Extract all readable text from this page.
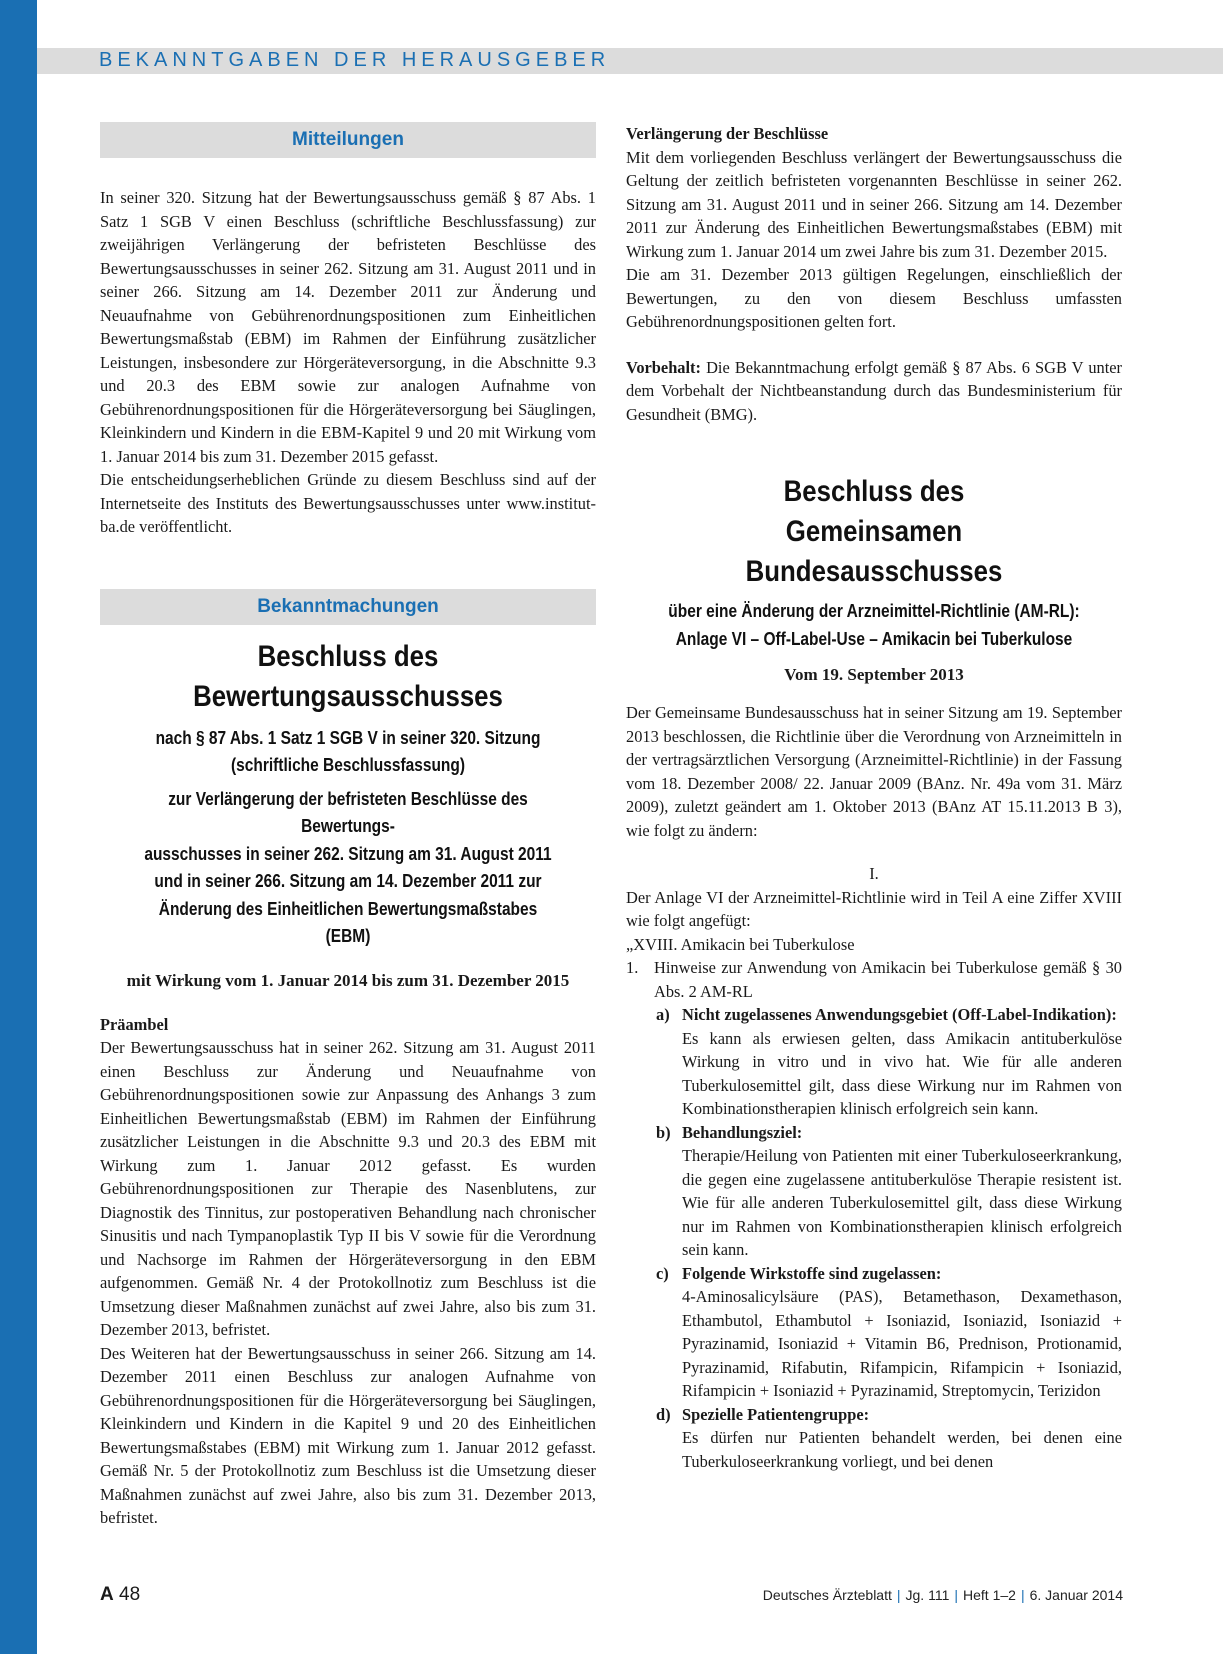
BEKANNTGABEN DER HERAUSGEBER
Mitteilungen

In seiner 320. Sitzung hat der Bewertungsausschuss gemäß § 87 Abs. 1 Satz 1 SGB V einen Beschluss (schriftliche Beschlussfassung) zur zweijährigen Verlängerung der befristeten Beschlüsse des Bewertungsausschusses in seiner 262. Sitzung am 31. August 2011 und in seiner 266. Sitzung am 14. Dezember 2011 zur Änderung und Neuaufnahme von Gebührenordnungspositionen zum Einheitlichen Bewertungsmaßstab (EBM) im Rahmen der Einführung zusätzlicher Leistungen, insbesondere zur Hörgeräteversorgung, in die Abschnitte 9.3 und 20.3 des EBM sowie zur analogen Aufnahme von Gebührenordnungspositionen für die Hörgeräteversorgung bei Säuglingen, Kleinkindern und Kindern in die EBM-Kapitel 9 und 20 mit Wirkung vom 1. Januar 2014 bis zum 31. Dezember 2015 gefasst.

Die entscheidungserheblichen Gründe zu diesem Beschluss sind auf der Internetseite des Instituts des Bewertungsausschusses unter www.institut-ba.de veröffentlicht.

Bekanntmachungen
Beschluss des
Bewertungsausschusses
nach § 87 Abs. 1 Satz 1 SGB V in seiner 320. Sitzung
(schriftliche Beschlussfassung)
zur Verlängerung der befristeten Beschlüsse des Bewertungs-
ausschusses in seiner 262. Sitzung am 31. August 2011
und in seiner 266. Sitzung am 14. Dezember 2011 zur
Änderung des Einheitlichen Bewertungsmaßstabes (EBM)
mit Wirkung vom 1. Januar 2014 bis zum 31. Dezember 2015

Präambel

Der Bewertungsausschuss hat in seiner 262. Sitzung am 31. August 2011 einen Beschluss zur Änderung und Neuaufnahme von Gebührenordnungspositionen sowie zur Anpassung des Anhangs 3 zum Einheitlichen Bewertungsmaßstab (EBM) im Rahmen der Einführung zusätzlicher Leistungen in die Abschnitte 9.3 und 20.3 des EBM mit Wirkung zum 1. Januar 2012 gefasst. Es wurden Gebührenordnungspositionen zur Therapie des Nasenblutens, zur Diagnostik des Tinnitus, zur postoperativen Behandlung nach chronischer Sinusitis und nach Tympanoplastik Typ II bis V sowie für die Verordnung und Nachsorge im Rahmen der Hörgeräteversorgung in den EBM aufgenommen. Gemäß Nr. 4 der Protokollnotiz zum Beschluss ist die Umsetzung dieser Maßnahmen zunächst auf zwei Jahre, also bis zum 31. Dezember 2013, befristet.

Des Weiteren hat der Bewertungsausschuss in seiner 266. Sitzung am 14. Dezember 2011 einen Beschluss zur analogen Aufnahme von Gebührenordnungspositionen für die Hörgeräteversorgung bei Säuglingen, Kleinkindern und Kindern in die Kapitel 9 und 20 des Einheitlichen Bewertungsmaßstabes (EBM) mit Wirkung zum 1. Januar 2012 gefasst. Gemäß Nr. 5 der Protokollnotiz zum Beschluss ist die Umsetzung dieser Maßnahmen zunächst auf zwei Jahre, also bis zum 31. Dezember 2013, befristet.

Verlängerung der Beschlüsse

Mit dem vorliegenden Beschluss verlängert der Bewertungsausschuss die Geltung der zeitlich befristeten vorgenannten Beschlüsse in seiner 262. Sitzung am 31. August 2011 und in seiner 266. Sitzung am 14. Dezember 2011 zur Änderung des Einheitlichen Bewertungsmaßstabes (EBM) mit Wirkung zum 1. Januar 2014 um zwei Jahre bis zum 31. Dezember 2015.

Die am 31. Dezember 2013 gültigen Regelungen, einschließlich der Bewertungen, zu den von diesem Beschluss umfassten Gebührenordnungspositionen gelten fort.

Vorbehalt: Die Bekanntmachung erfolgt gemäß § 87 Abs. 6 SGB V unter dem Vorbehalt der Nichtbeanstandung durch das Bundesministerium für Gesundheit (BMG).

Beschluss des
Gemeinsamen Bundesausschusses
über eine Änderung der Arzneimittel-Richtlinie (AM-RL):
Anlage VI – Off-Label-Use – Amikacin bei Tuberkulose
Vom 19. September 2013

Der Gemeinsame Bundesausschuss hat in seiner Sitzung am 19. September 2013 beschlossen, die Richtlinie über die Verordnung von Arzneimitteln in der vertragsärztlichen Versorgung (Arzneimittel-Richtlinie) in der Fassung vom 18. Dezember 2008/ 22. Januar 2009 (BAnz. Nr. 49a vom 31. März 2009), zuletzt geändert am 1. Oktober 2013 (BAnz AT 15.11.2013 B 3), wie folgt zu ändern:

I.

Der Anlage VI der Arzneimittel-Richtlinie wird in Teil A eine Ziffer XVIII wie folgt angefügt:

„XVIII. Amikacin bei Tuberkulose

1. Hinweise zur Anwendung von Amikacin bei Tuberkulose gemäß § 30 Abs. 2 AM-RL

a) Nicht zugelassenes Anwendungsgebiet (Off-Label-Indikation):

Es kann als erwiesen gelten, dass Amikacin antituberkulöse Wirkung in vitro und in vivo hat. Wie für alle anderen Tuberkulosemittel gilt, dass diese Wirkung nur im Rahmen von Kombinationstherapien klinisch erfolgreich sein kann.

b) Behandlungsziel:

Therapie/Heilung von Patienten mit einer Tuberkuloseerkrankung, die gegen eine zugelassene antituberkulöse Therapie resistent ist. Wie für alle anderen Tuberkulosemittel gilt, dass diese Wirkung nur im Rahmen von Kombinationstherapien klinisch erfolgreich sein kann.

c) Folgende Wirkstoffe sind zugelassen:

4-Aminosalicylsäure (PAS), Betamethason, Dexamethason, Ethambutol, Ethambutol + Isoniazid, Isoniazid, Isoniazid + Pyrazinamid, Isoniazid + Vitamin B6, Prednison, Protionamid, Pyrazinamid, Rifabutin, Rifampicin, Rifampicin + Isoniazid, Rifampicin + Isoniazid + Pyrazinamid, Streptomycin, Terizidon

d) Spezielle Patientengruppe:

Es dürfen nur Patienten behandelt werden, bei denen eine Tuberkuloseerkrankung vorliegt, und bei denen

A 48	Deutsches Ärzteblatt | Jg. 111 | Heft 1–2 | 6. Januar 2014
